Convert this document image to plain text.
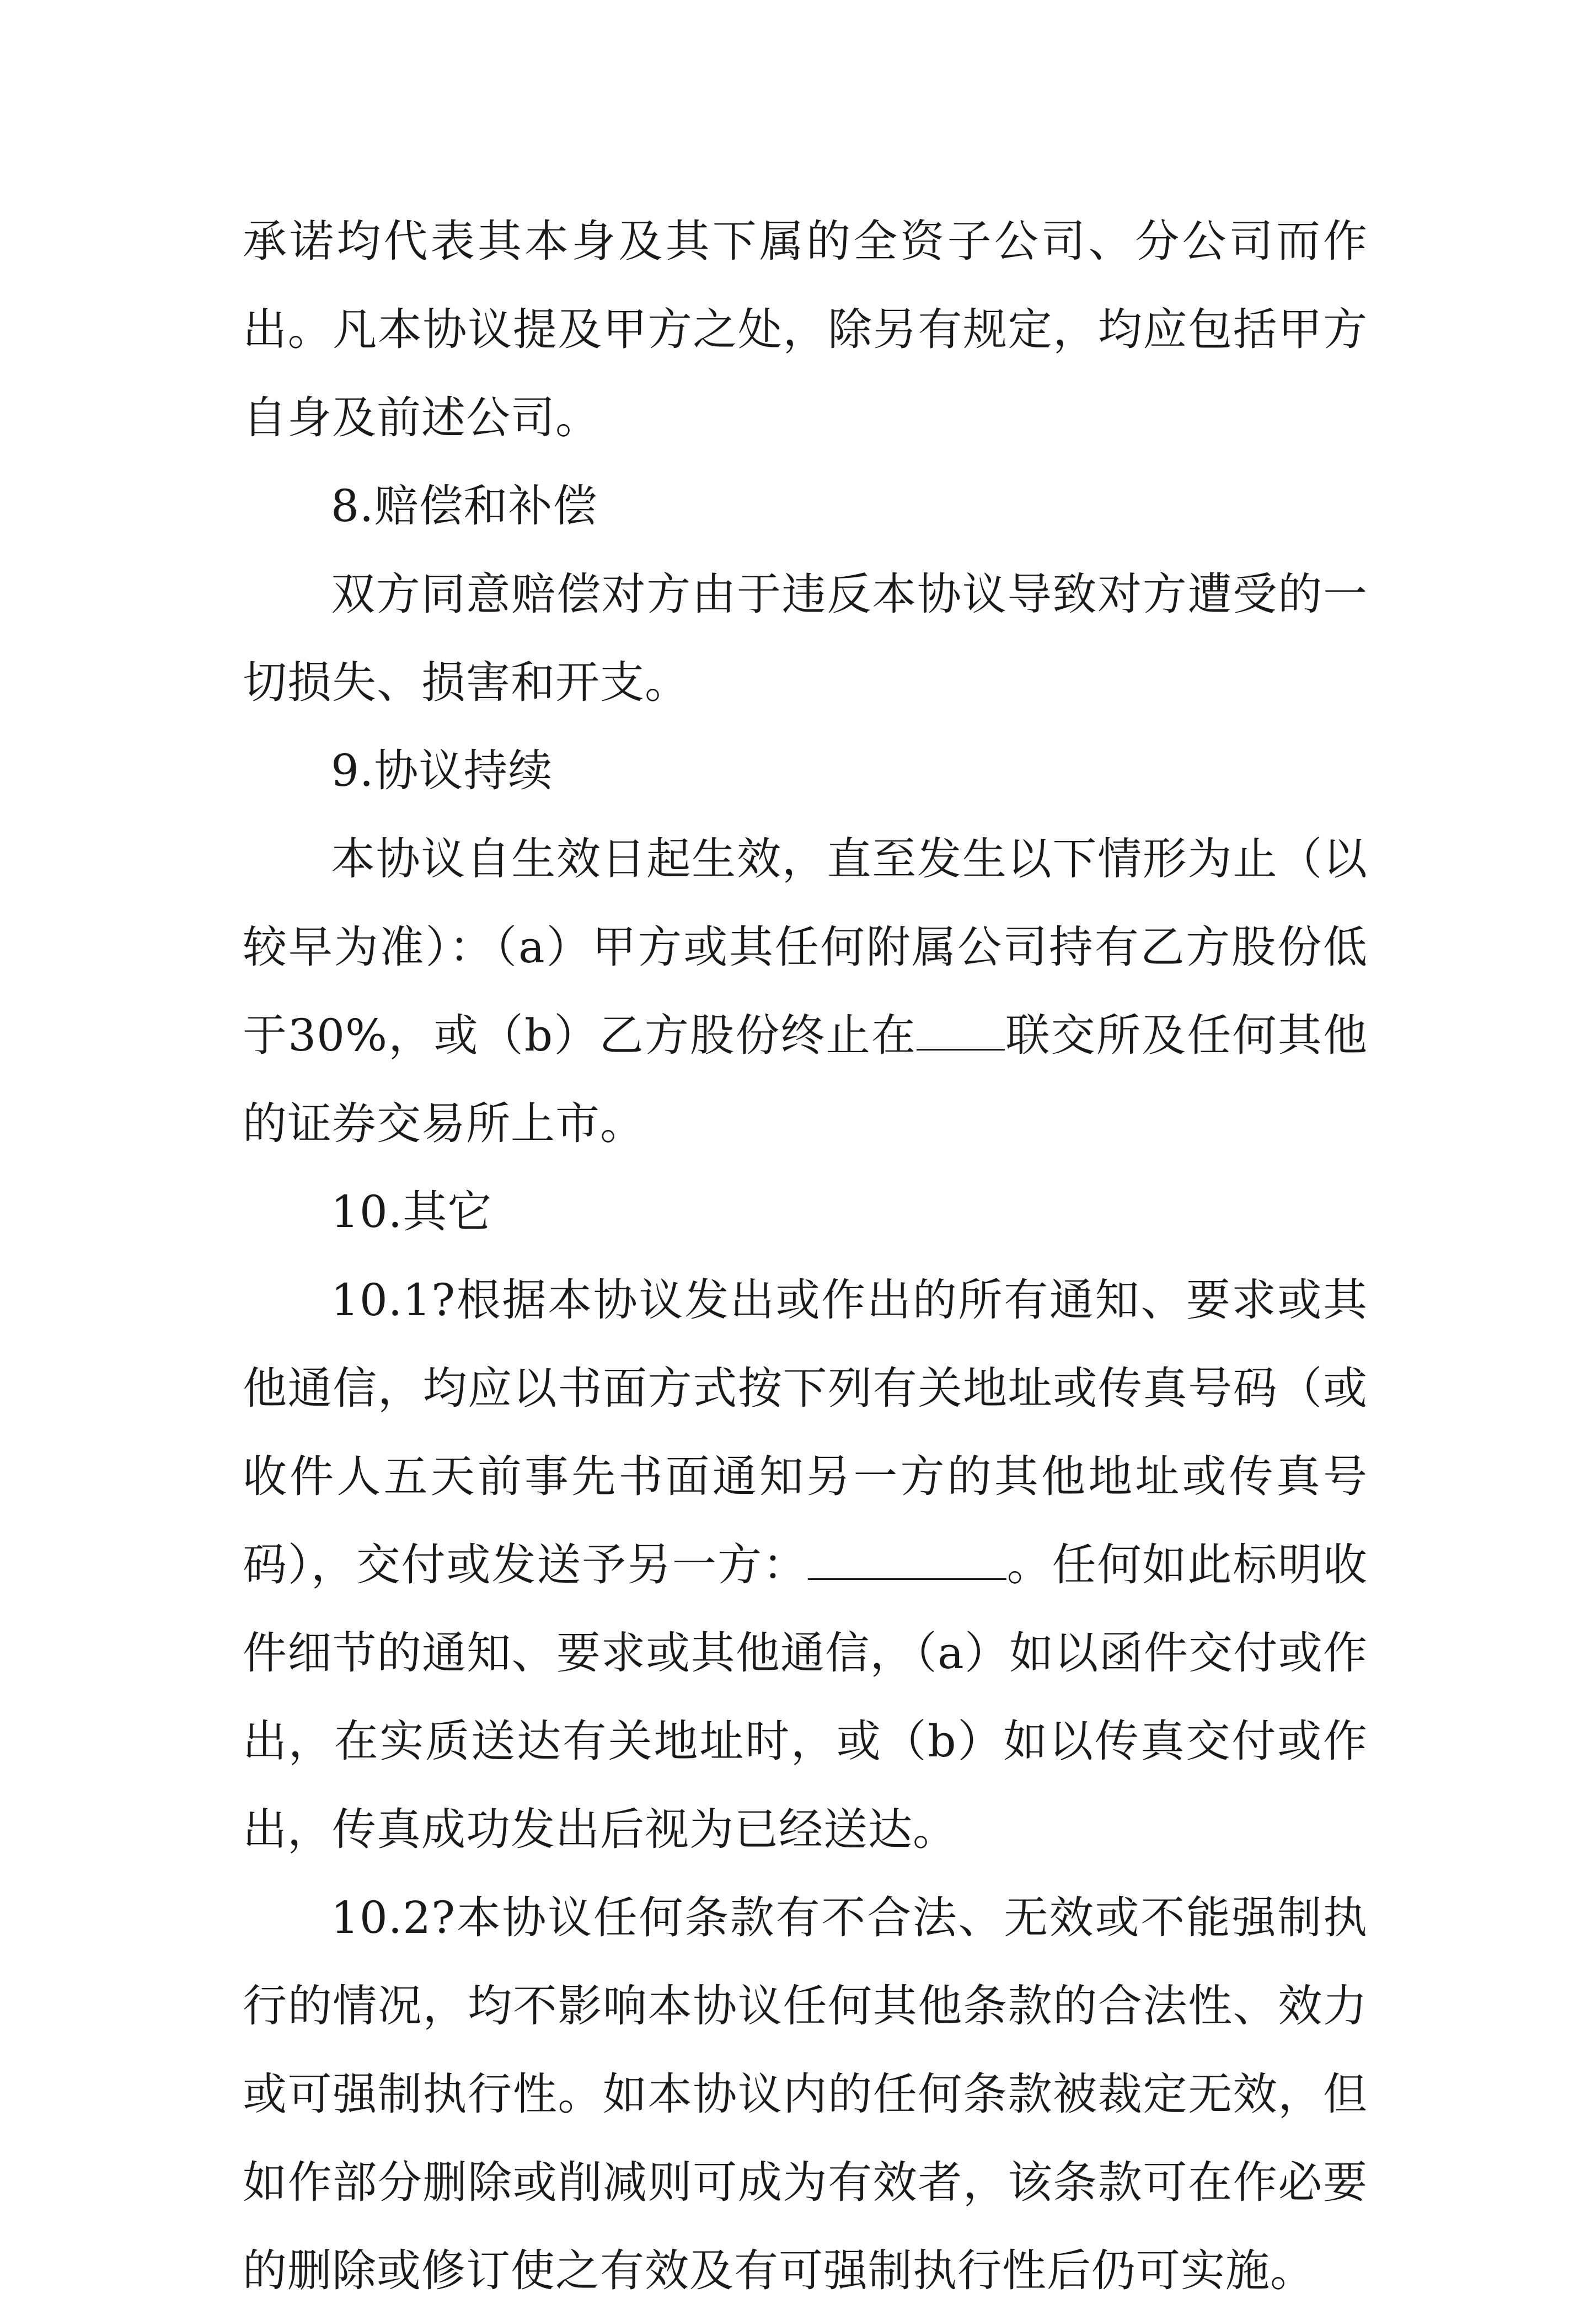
承诺均代表其本身及其下属的全资子公司、分公司而作出。凡本协议提及甲方之处，除另有规定，均应包括甲方自身及前述公司。

8.赔偿和补偿

双方同意赔偿对方由于违反本协议导致对方遭受的一切损失、损害和开支。

9.协议持续

本协议自生效日起生效，直至发生以下情形为止（以较早为准）：（a）甲方或其任何附属公司持有乙方股份低于30%，或（b）乙方股份终止在 联交所及任何其他的证券交易所上市。

10.其它

10.1?根据本协议发出或作出的所有通知、要求或其他通信，均应以书面方式按下列有关地址或传真号码（或收件人五天前事先书面通知另一方的其他地址或传真号码），交付或发送予另一方：	。任何如此标明收件细节的通知、要求或其他通信，（a）如以函件交付或作出，在实质送达有关地址时，或（b）如以传真交付或作出，传真成功发出后视为已经送达。

10.2?本协议任何条款有不合法、无效或不能强制执行的情况，均不影响本协议任何其他条款的合法性、效力或可强制执行性。如本协议内的任何条款被裁定无效，但如作部分删除或削减则可成为有效者，该条款可在作必要的删除或修订使之有效及有可强制执行性后仍可实施。
